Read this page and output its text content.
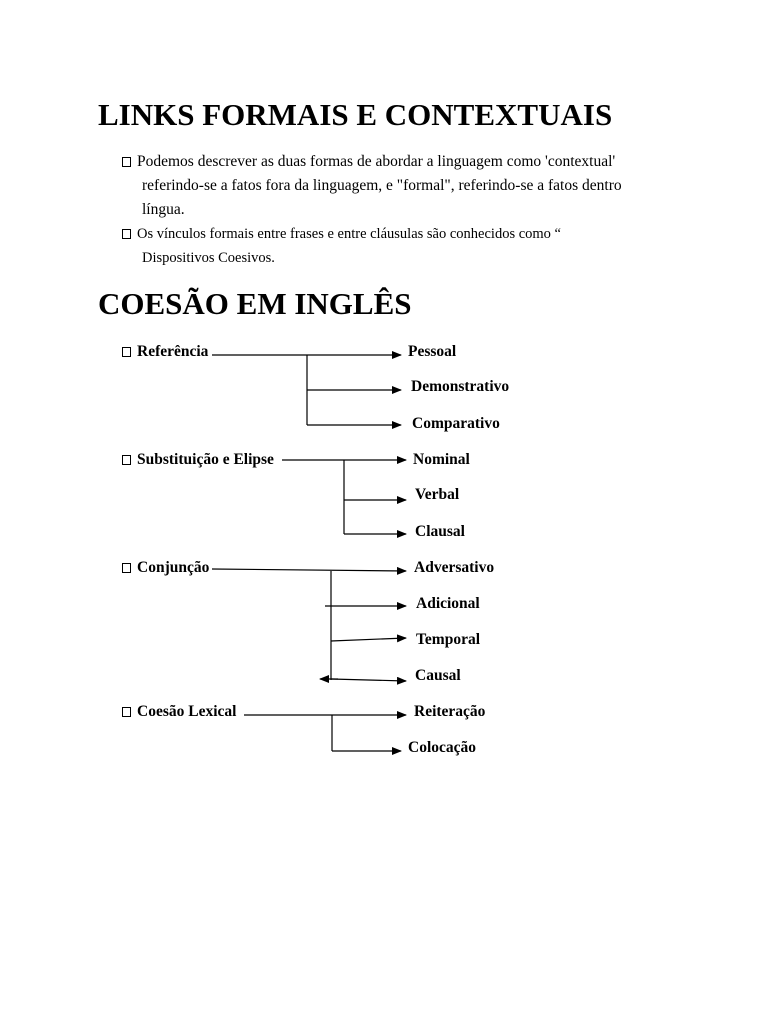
LINKS FORMAIS E CONTEXTUAIS
Podemos descrever as duas formas de abordar a linguagem como 'contextual'
referindo-se a fatos fora da linguagem, e "formal", referindo-se a fatos dentro
língua.
Os vínculos formais entre frases e entre cláusulas são conhecidos como “
Dispositivos Coesivos.
COESÃO EM INGLÊS
Referência
Substituição e Elipse
Conjunção
Coesão Lexical
Pessoal
Demonstrativo
Comparativo
Nominal
Verbal
Clausal
Adversativo
Adicional
Temporal
Causal
Reiteração
Colocação
